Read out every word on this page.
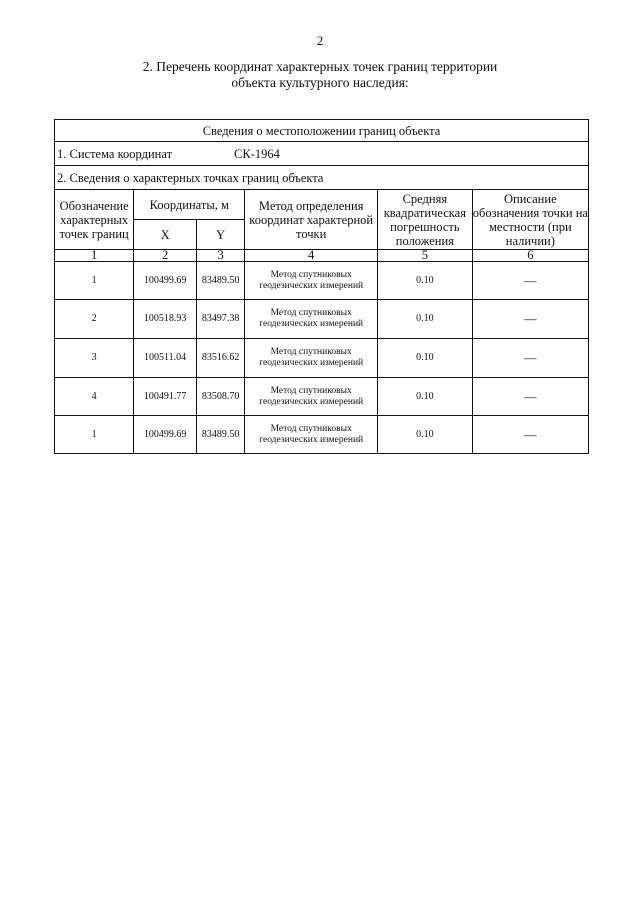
2
2. Перечень координат характерных точек границ территории
объекта культурного наследия:
Сведения о местоположении границ объекта					
1. Система координат СК-1964					
2. Сведения о характерных точках границ объекта					
Обозначение характерных точек границ	Координаты, м		Метод определения координат характерной точки	Средняя квадратическая погрешность положения	Описание обозначения точки на местности (при наличии)
	X	Y			
1	2	3	4	5	6
1	100499.69	83489.50	Метод спутниковых геодезических измерений	0.10	—
2	100518.93	83497.38	Метод спутниковых геодезических измерений	0.10	—
3	100511.04	83516.62	Метод спутниковых геодезических измерений	0.10	—
4	100491.77	83508.70	Метод спутниковых геодезических измерений	0.10	—
1	100499.69	83489.50	Метод спутниковых геодезических измерений	0.10	—
